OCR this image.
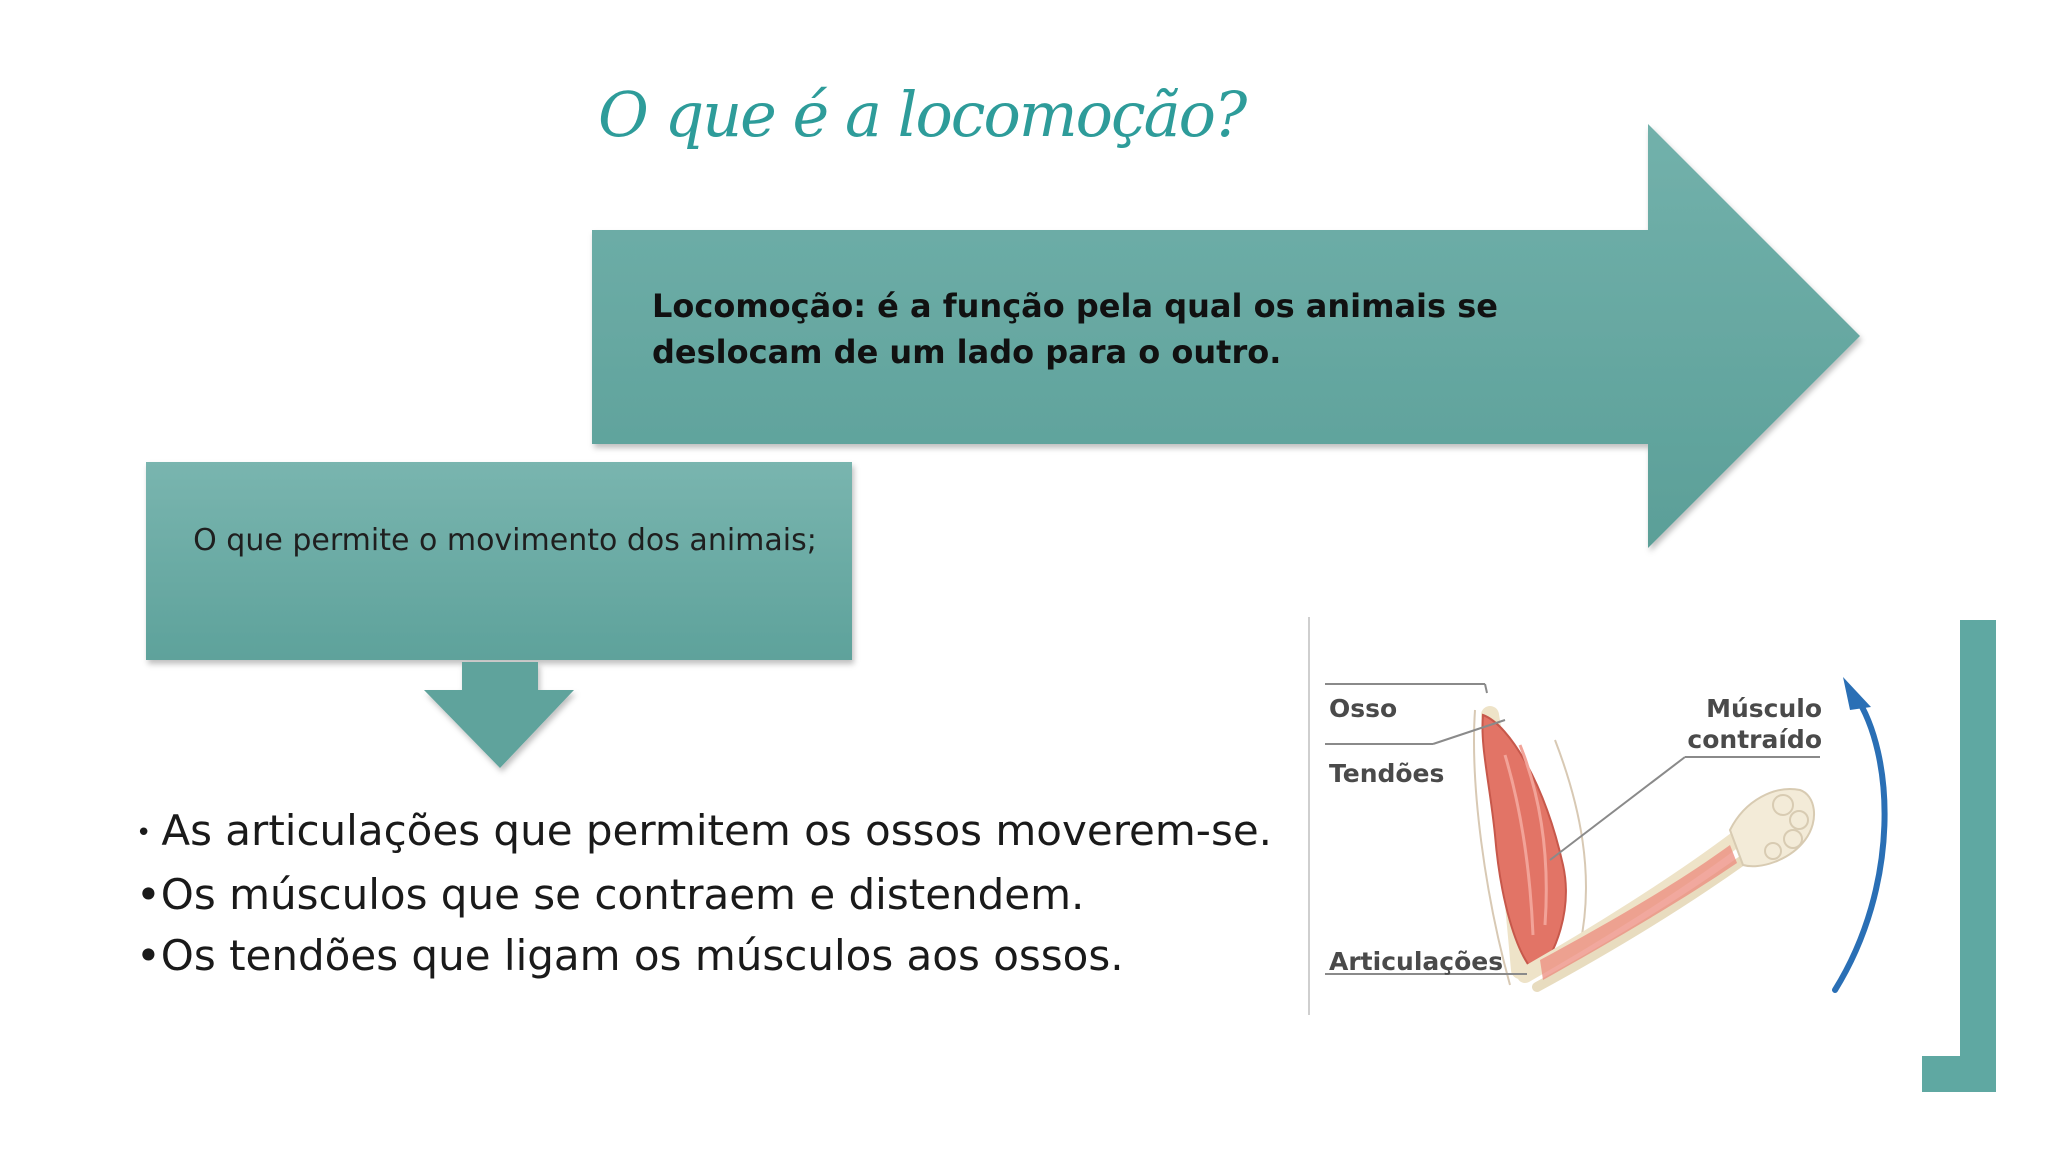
O que é a locomoção?
Locomoção: é a função pela qual os animais se deslocam de um lado para o outro.
O que permite o movimento dos animais;
• As articulações que permitem os ossos moverem-se.
•Os músculos que se contraem e distendem.
•Os tendões que ligam os músculos aos ossos.
Osso
Tendões
Articulações
Músculo
contraído
